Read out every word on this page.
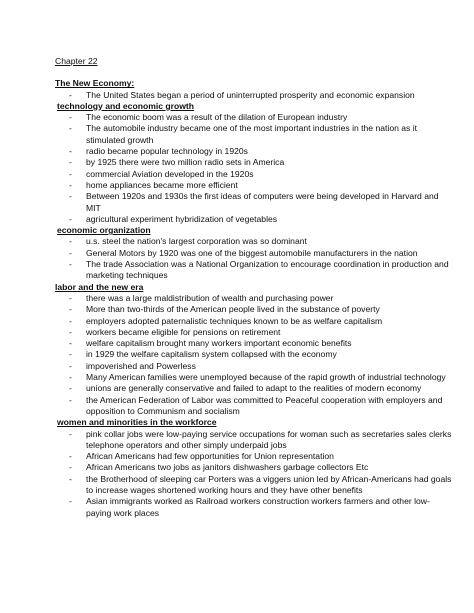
Chapter 22
The New Economy:
- The United States began a period of uninterrupted prosperity and economic expansion
technology and economic growth
- The economic boom was a result of the dilation of European industry
- The automobile industry became one of the most important industries in the nation as it stimulated growth
- radio became popular technology in 1920s
- by 1925 there were two million radio sets in America
- commercial Aviation developed in the 1920s
- home appliances became more efficient
- Between 1920s and 1930s the first ideas of computers were being developed in Harvard and MIT
- agricultural experiment hybridization of vegetables
economic organization
- u.s. steel the nation's largest corporation was so dominant
- General Motors by 1920 was one of the biggest automobile manufacturers in the nation
- The trade Association was a National Organization to encourage coordination in production and marketing techniques
labor and the new era
- there was a large maldistribution of wealth and purchasing power
- More than two-thirds of the American people lived in the substance of poverty
- employers adopted paternalistic techniques known to be as welfare capitalism
- workers became eligible for pensions on retirement
- welfare capitalism brought many workers important economic benefits
- in 1929 the welfare capitalism system collapsed with the economy
- impoverished and Powerless
- Many American families were unemployed because of the rapid growth of industrial technology
- unions are generally conservative and failed to adapt to the realities of modern economy
- the American Federation of Labor was committed to Peaceful cooperation with employers and opposition to Communism and socialism
women and minorities in the workforce
- pink collar jobs were low-paying service occupations for woman such as secretaries sales clerks telephone operators and other simply underpaid jobs
- African Americans had few opportunities for Union representation
- African Americans two jobs as janitors dishwashers garbage collectors Etc
- the Brotherhood of sleeping car Porters was a viggers union led by African-Americans had goals to increase wages shortened working hours and they have other benefits
- Asian immigrants worked as Railroad workers construction workers farmers and other low-paying work places
